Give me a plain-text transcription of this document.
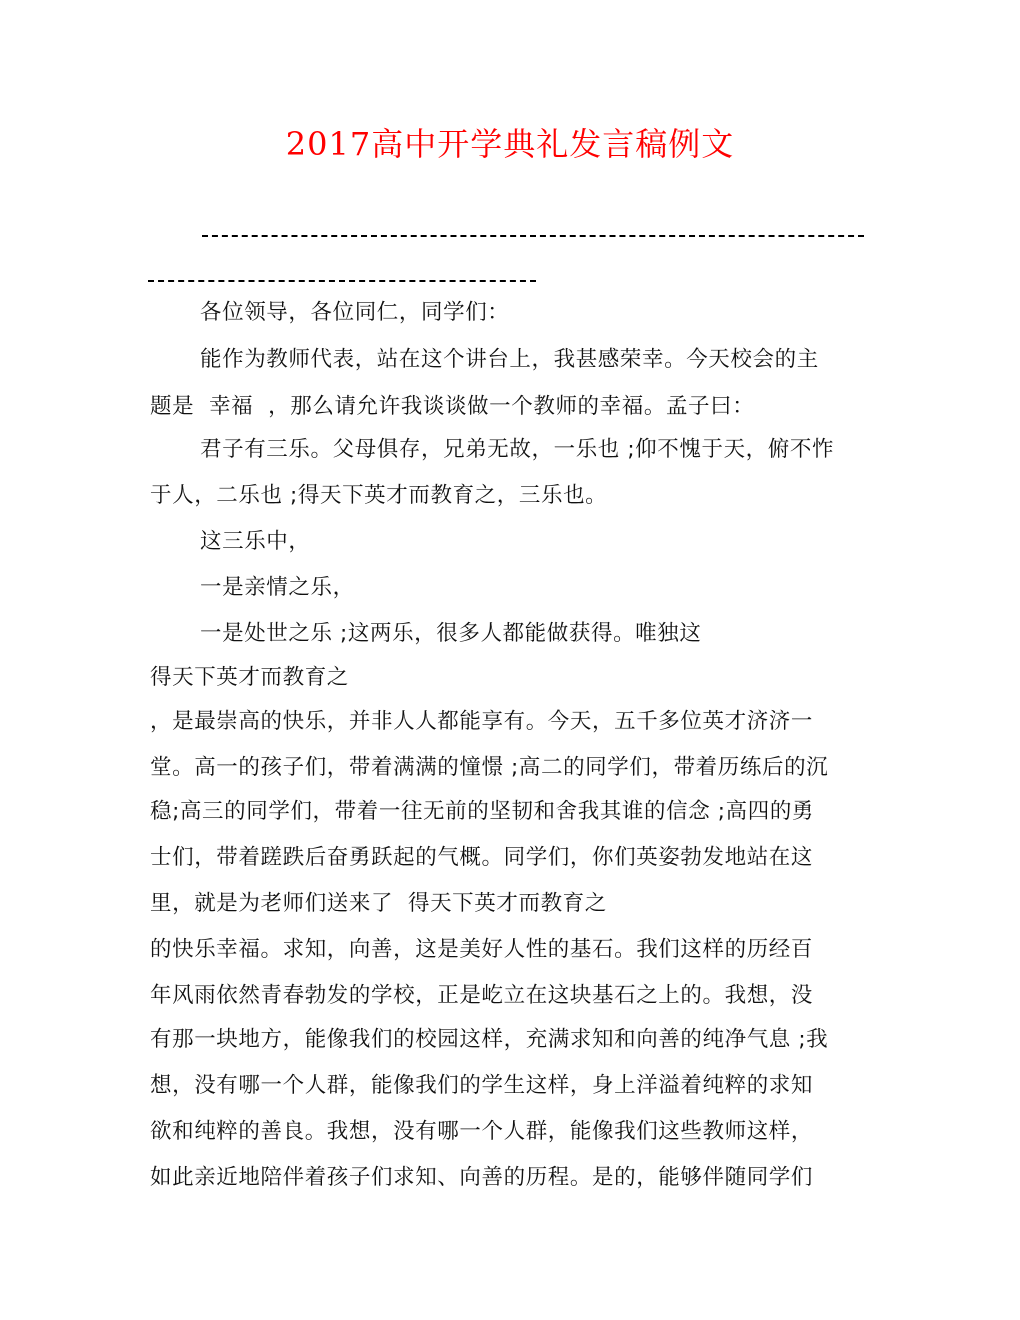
2017高中开学典礼发言稿例文
各位领导，各位同仁，同学们：
能作为教师代表，站在这个讲台上，我甚感荣幸。今天校会的主
题是  幸福  ，那么请允许我谈谈做一个教师的幸福。孟子曰：
君子有三乐。父母俱存，兄弟无故，一乐也 ;仰不愧于天，俯不怍
于人，二乐也 ;得天下英才而教育之，三乐也。
这三乐中，
一是亲情之乐，
一是处世之乐 ;这两乐，很多人都能做获得。唯独这
得天下英才而教育之
，是最崇高的快乐，并非人人都能享有。今天，五千多位英才济济一
堂。高一的孩子们，带着满满的憧憬 ;高二的同学们，带着历练后的沉
稳;高三的同学们，带着一往无前的坚韧和舍我其谁的信念 ;高四的勇
士们，带着蹉跌后奋勇跃起的气概。同学们，你们英姿勃发地站在这
里，就是为老师们送来了  得天下英才而教育之
的快乐幸福。求知，向善，这是美好人性的基石。我们这样的历经百
年风雨依然青春勃发的学校，正是屹立在这块基石之上的。我想，没
有那一块地方，能像我们的校园这样，充满求知和向善的纯净气息 ;我
想，没有哪一个人群，能像我们的学生这样，身上洋溢着纯粹的求知
欲和纯粹的善良。我想，没有哪一个人群，能像我们这些教师这样，
如此亲近地陪伴着孩子们求知、向善的历程。是的，能够伴随同学们
